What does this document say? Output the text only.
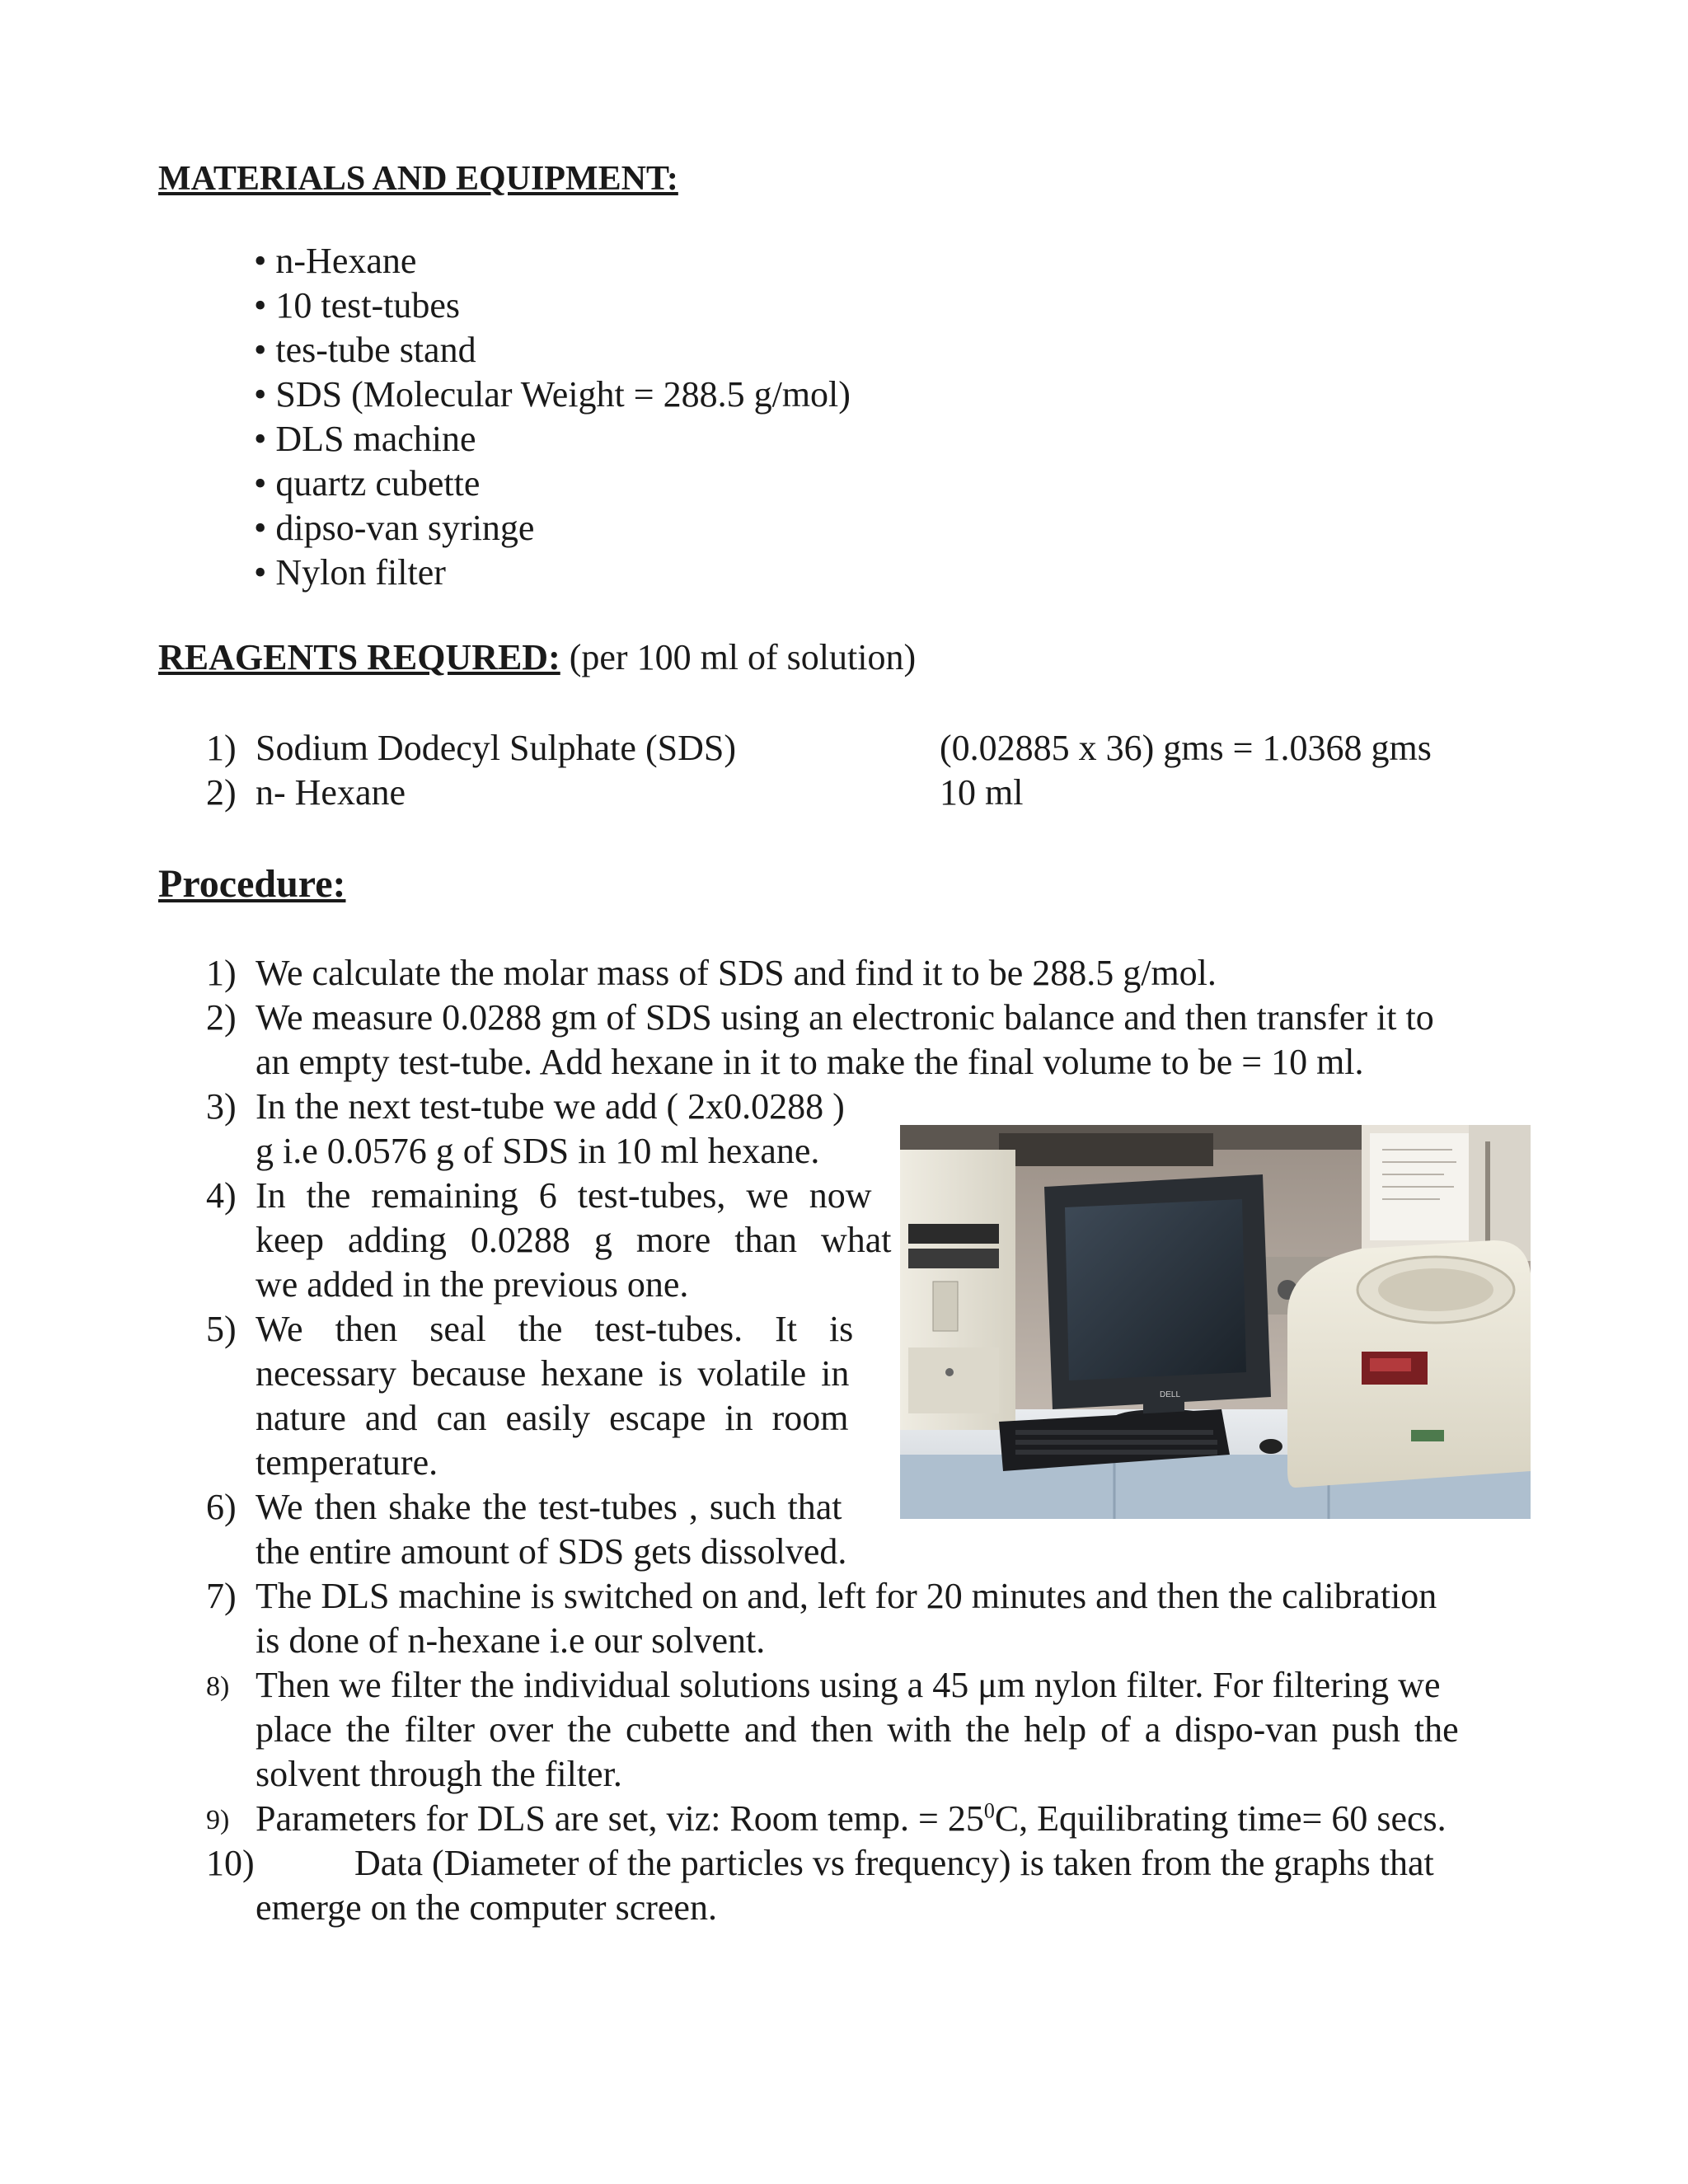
MATERIALS AND EQUIPMENT:
• n-Hexane
• 10 test-tubes
• tes-tube stand
• SDS (Molecular Weight = 288.5 g/mol)
• DLS machine
• quartz cubette
• dipso-van syringe
• Nylon filter
REAGENTS REQURED: (per 100 ml of solution)
1) Sodium Dodecyl Sulphate (SDS)	(0.02885 x 36) gms = 1.0368 gms
2) n- Hexane	10 ml
Procedure:
1) We calculate the molar mass of SDS and find it to be 288.5 g/mol.
2) We measure 0.0288 gm of SDS using an electronic balance and then transfer it to
an empty test-tube. Add hexane in it to make the final volume to be = 10 ml.
3) In the next test-tube we add ( 2x0.0288 )
g i.e 0.0576 g of SDS in 10 ml hexane.
4) In the remaining 6 test-tubes, we now
keep adding 0.0288 g more than what
we added in the previous one.
5) We then seal the test-tubes. It is
necessary because hexane is volatile in
nature and can easily escape in room
temperature.
6) We then shake the test-tubes , such that
the entire amount of SDS gets dissolved.
7) The DLS machine is switched on and, left for 20 minutes and then the calibration
is done of n-hexane i.e our solvent.
8) Then we filter the individual solutions using a 45 μm nylon filter. For filtering we
place the filter over the cubette and then with the help of a dispo-van push the
solvent through the filter.
9) Parameters for DLS are set, viz: Room temp. = $25^0C$, Equilibrating time= 60 secs.
10)	Data (Diameter of the particles vs frequency) is taken from the graphs that
emerge on the computer screen.
DELL
